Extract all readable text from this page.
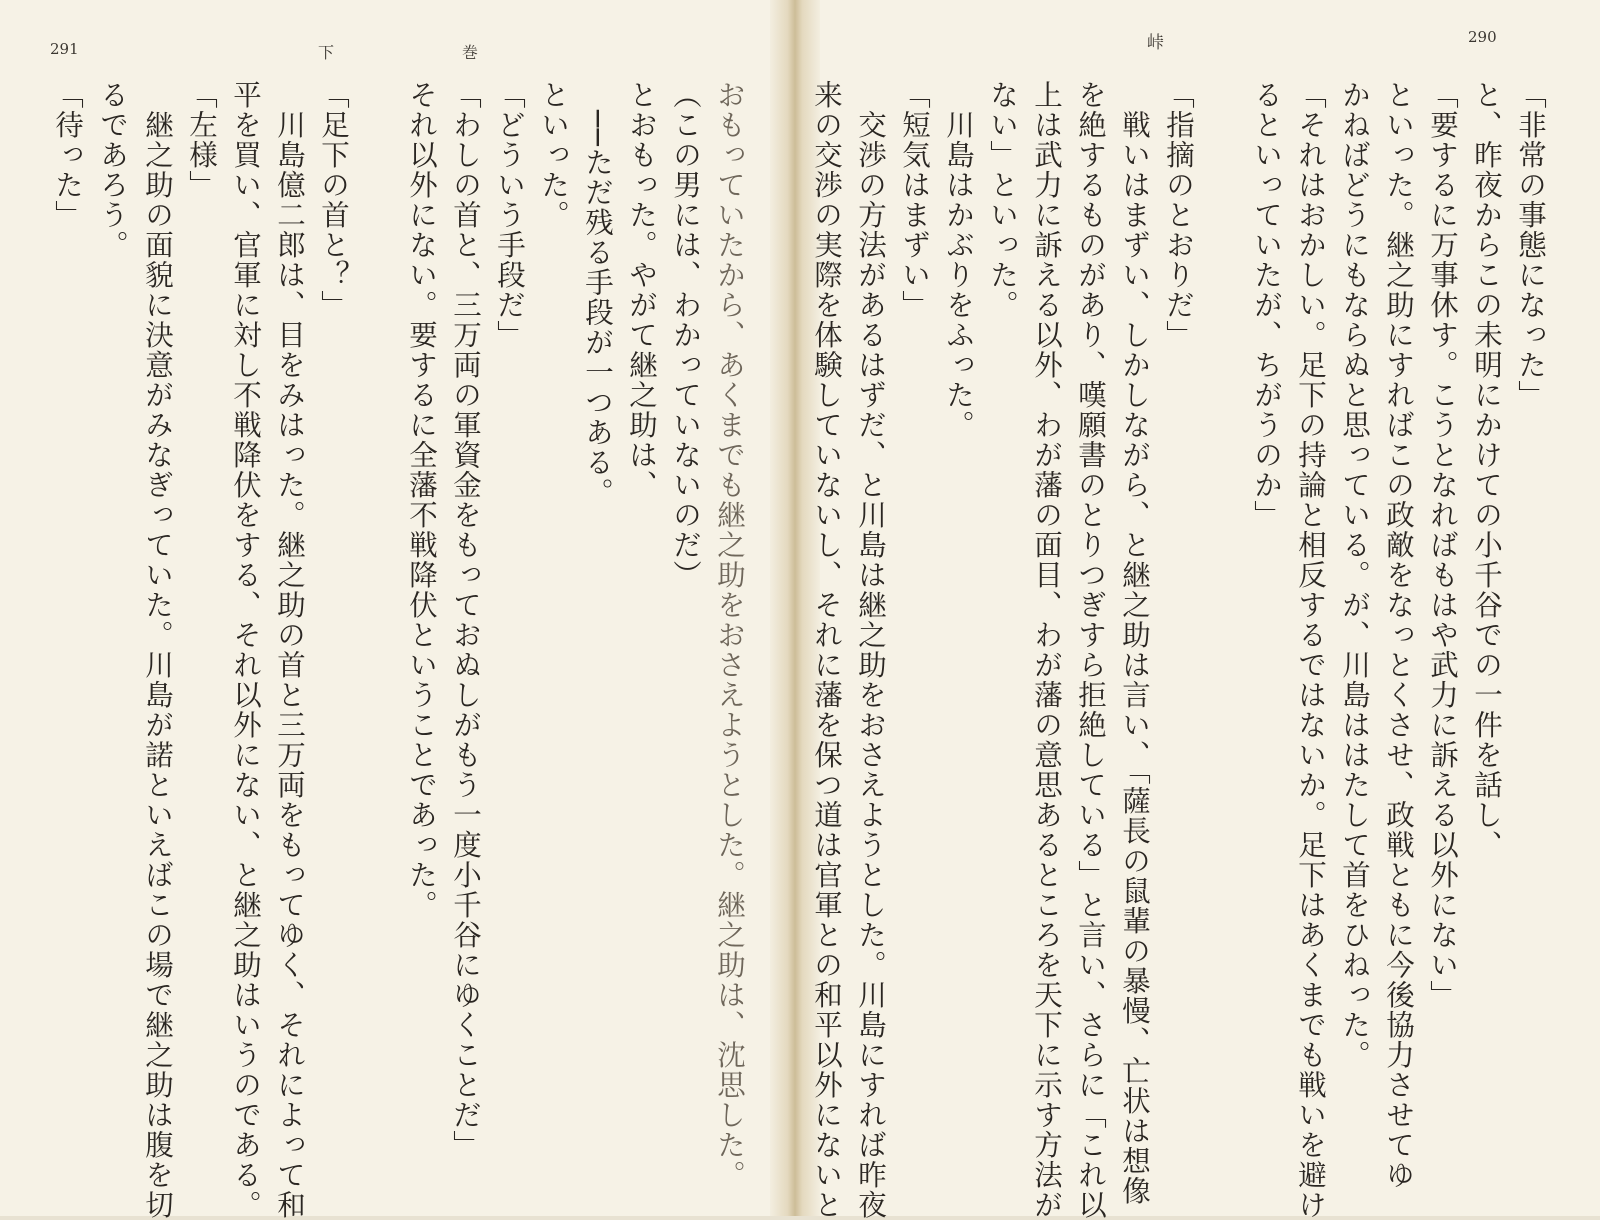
291	下	巻
「待った」 るであろう。 　継之助の面貌に決意がみなぎっていた。川島が諾といえばこの場で継之助は腹を切 「左様」 平を買い、官軍に対し不戦降伏をする、それ以外にない、と継之助はいうのである。 　川島億二郎は、目をみはった。継之助の首と三万両をもってゆく、それによって和 「足下の首と？」 それ以外にない。要するに全藩不戦降伏ということであった。 「わしの首と、三万両の軍資金をもっておぬしがもう一度小千谷にゆくことだ」 「どういう手段だ」 といった。 　──ただ残る手段が一つある。 とおもった。やがて継之助は、 （この男には、わかっていないのだ） おもっていたから、あくまでも継之助をおさえようとした。継之助は、沈思した。
峠	290
「非常の事態になった」
と、昨夜からこの未明にかけての小千谷での一件を話し、
「要するに万事休す。こうとなればもはや武力に訴える以外にない」
といった。継之助にすればこの政敵をなっとくさせ、政戦ともに今後協力させてゆ
かねばどうにもならぬと思っている。が、川島ははたして首をひねった。
「それはおかしい。足下の持論と相反するではないか。足下はあくまでも戦いを避け
るといっていたが、ちがうのか」
「指摘のとおりだ」
　戦いはまずい、しかしながら、と継之助は言い、「薩長の鼠輩の暴慢、亡状は想像
を絶するものがあり、嘆願書のとりつぎすら拒絶している」と言い、さらに「これ以
上は武力に訴える以外、わが藩の面目、わが藩の意思あるところを天下に示す方法が
ない」といった。
　川島はかぶりをふった。
「短気はまずい」
　交渉の方法があるはずだ、と川島は継之助をおさえようとした。川島にすれば昨夜
来の交渉の実際を体験していないし、それに藩を保つ道は官軍との和平以外にないと
